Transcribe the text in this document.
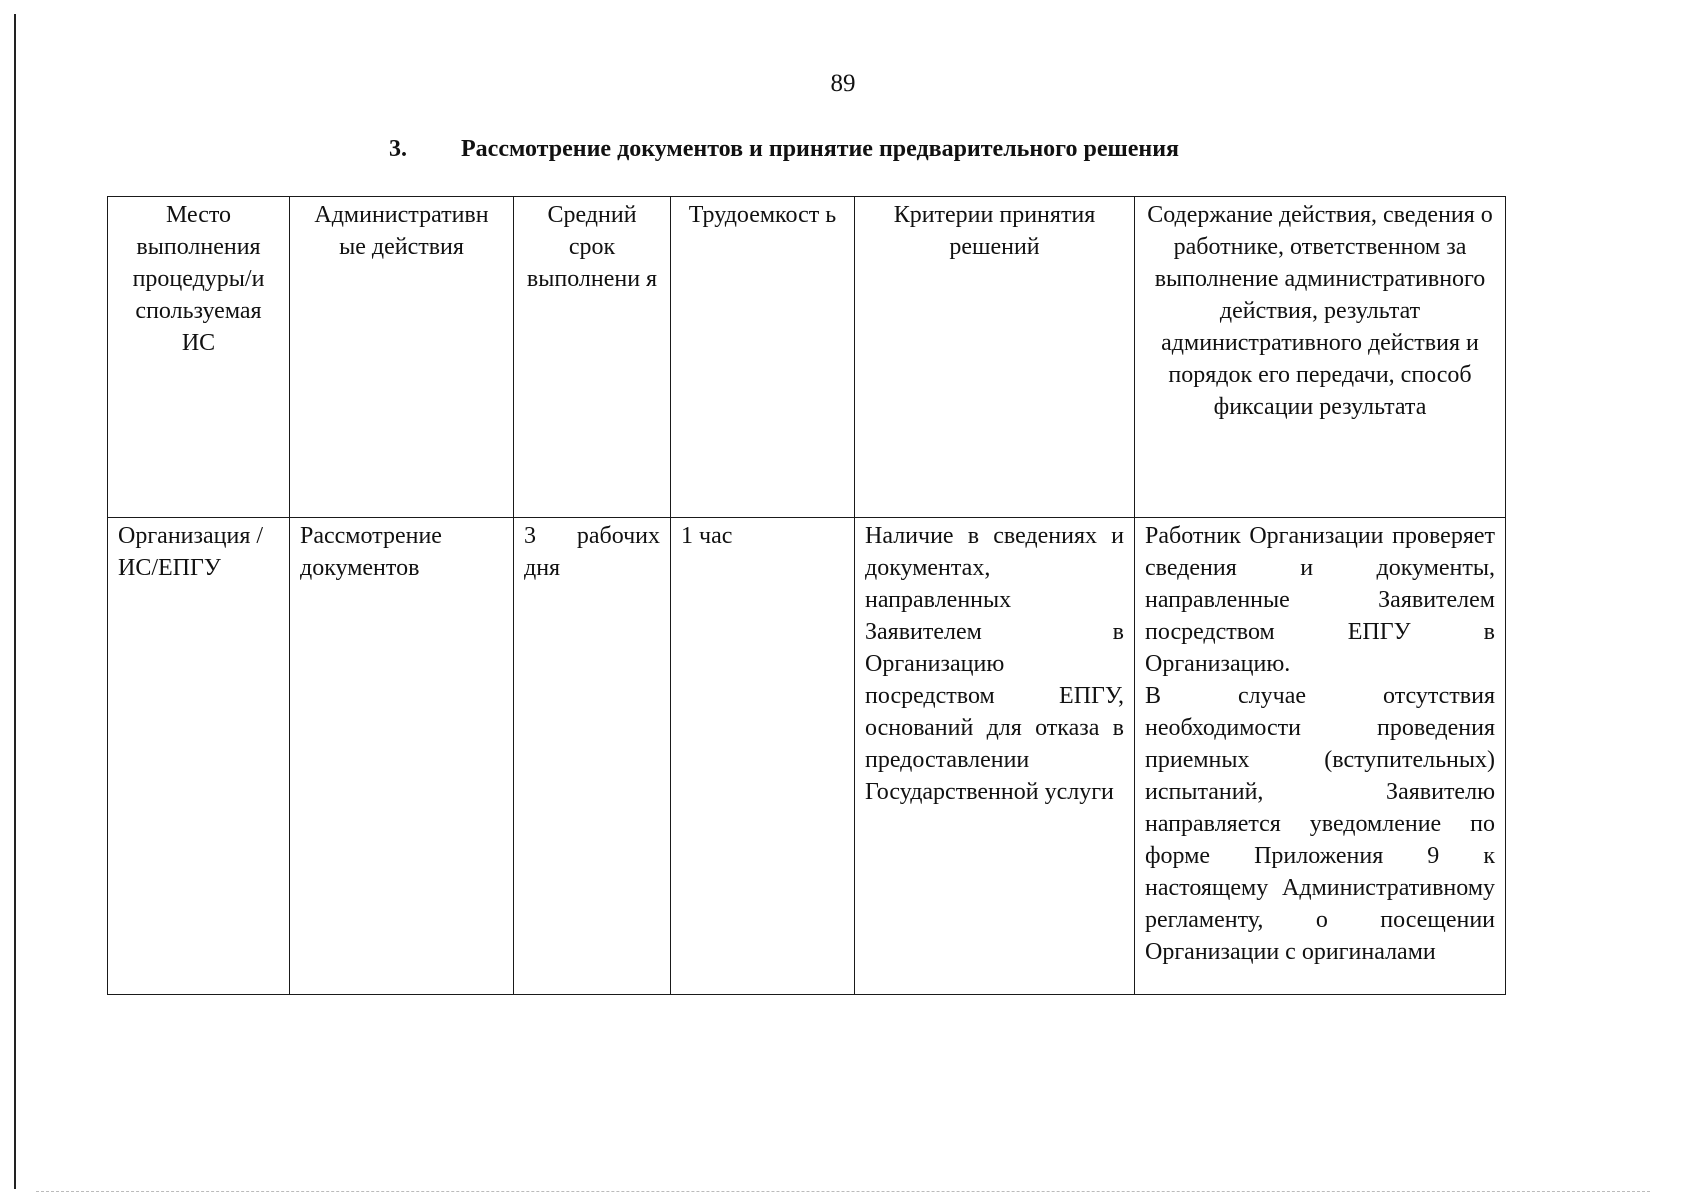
89
3. Рассмотрение документов и принятие предварительного решения
Место выполнения процедуры/и спользуемая ИС	Административн ые действия	Средний срок выполнени я	Трудоемкост ь	Критерии принятия решений	Содержание действия, сведения о работнике, ответственном за выполнение административного действия, результат административного действия и порядок его передачи, способ фиксации результата
Организация /ИС/ЕПГУ	Рассмотрение документов	3 рабочих дня	1 час	Наличие в сведениях и документах, направленных Заявителем в Организацию посредством ЕПГУ, оснований для отказа в предоставлении Государственной услуги	Работник Организации проверяет сведения и документы, направленные Заявителем посредством ЕПГУ в Организацию.
В случае отсутствия необходимости проведения приемных (вступительных) испытаний, Заявителю направляется уведомление по форме Приложения 9 к настоящему Административному регламенту, о посещении Организации с оригиналами
